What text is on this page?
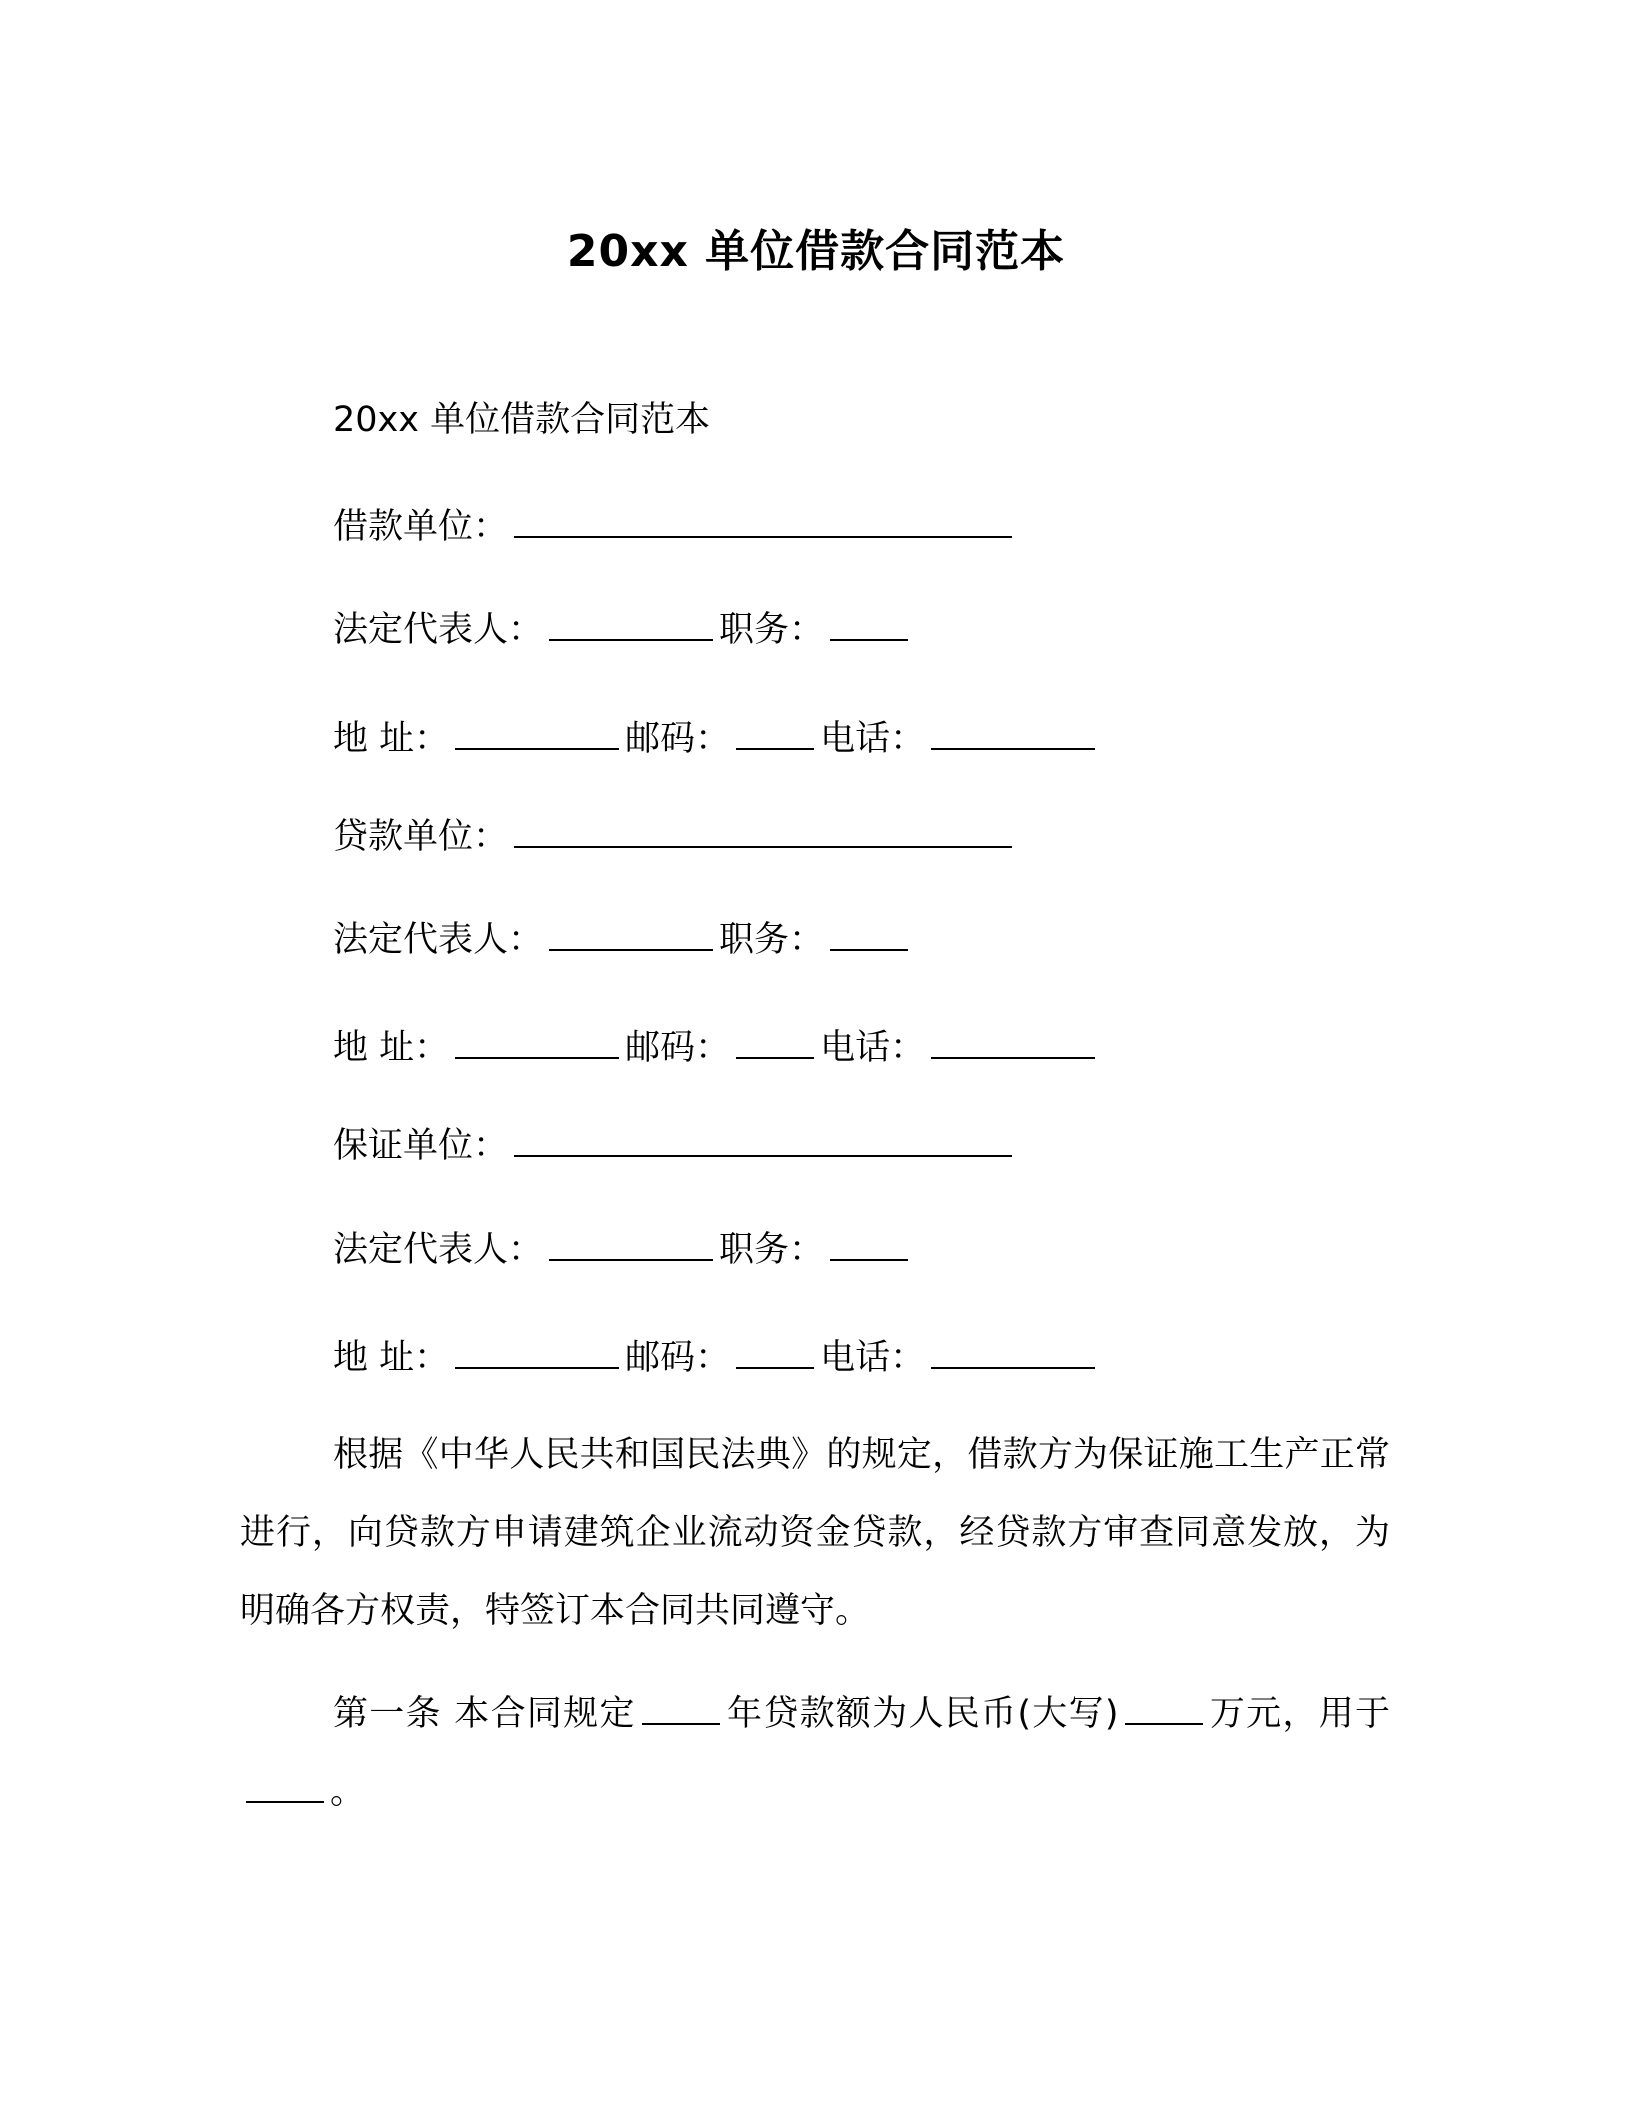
20xx 单位借款合同范本
20xx 单位借款合同范本
借款单位：
法定代表人：	职务：
地 址：	邮码：	电话：
贷款单位：
法定代表人：	职务：
地 址：	邮码：	电话：
保证单位：
法定代表人：	职务：
地 址：	邮码：	电话：
根据《中华人民共和国民法典》的规定，借款方为保证施工生产正常进行，向贷款方申请建筑企业流动资金贷款，经贷款方审查同意发放，为明确各方权责，特签订本合同共同遵守。
第一条 本合同规定	年贷款额为人民币(大写)	万元，用于。
